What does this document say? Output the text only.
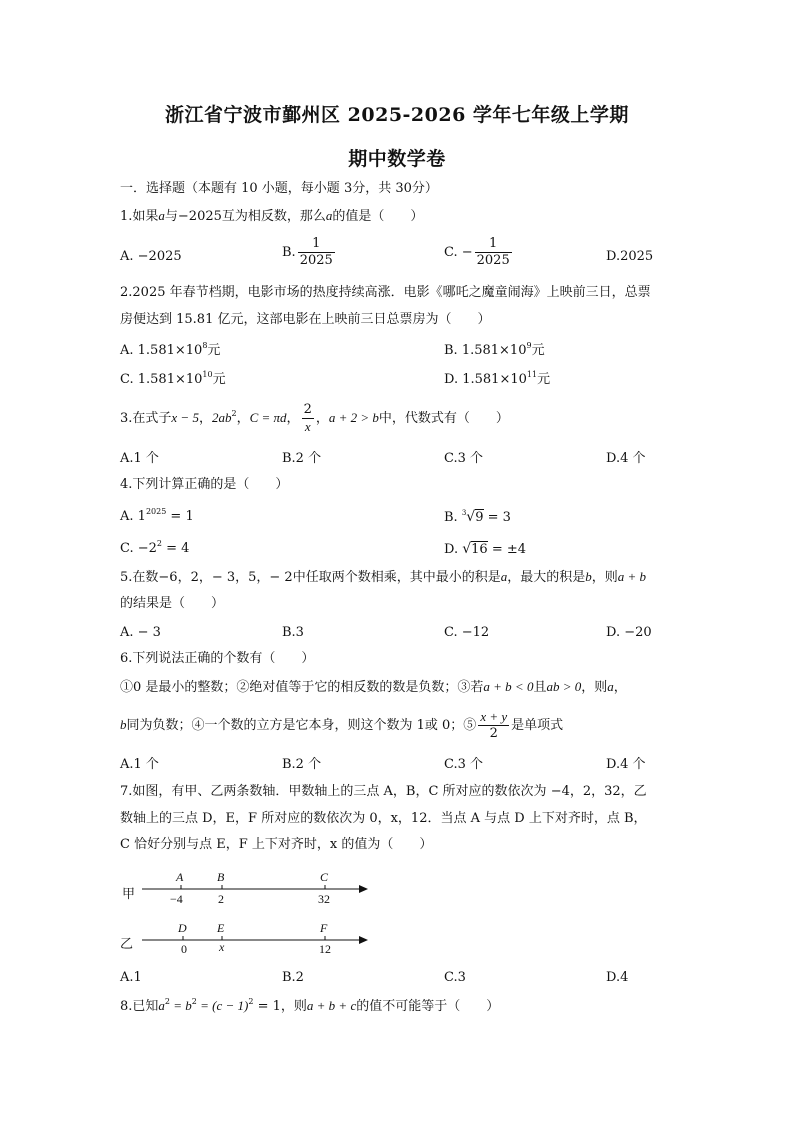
浙江省宁波市鄞州区 2025-2026 学年七年级上学期
期中数学卷
一．选择题（本题有 10 小题，每小题 3分，共 30分）
1.如果a与−2025互为相反数，那么a的值是（　　）
A. −2025	B. $\frac{1}{2025}$	C. − $\frac{1}{2025}$	D.2025
2.2025 年春节档期，电影市场的热度持续高涨．电影《哪吒之魔童闹海》上映前三日，总票
房便达到 15.81 亿元，这部电影在上映前三日总票房为（　　）
A. $1.581\times 10^8$元	B. $1.581\times 10^9$元
C. $1.581\times 10^{10}$元	D. $1.581\times 10^{11}$元
3.在式子x − 5，$2ab^2$，C = πd， $\frac{2}{x}$ ，a + 2 > b中，代数式有（　　）
A.1 个	B.2 个	C.3 个	D.4 个
4.下列计算正确的是（　　）
A. $1^{2025} = 1$	B. $^3$√9 = 3
C. $-2^2 = 4$	D. √16 = ±4
5.在数−6，2，− 3，5，− 2中任取两个数相乘，其中最小的积是a，最大的积是b，则a + b
的结果是（　　）
A. − 3	B.3	C. −12	D. −20
6.下列说法正确的个数有（　　）
①0 是最小的整数；②绝对值等于它的相反数的数是负数；③若a + b < 0且ab > 0，则a，
b同为负数；④一个数的立方是它本身，则这个数为 1或 0；⑤ $\frac{x + y}{2}$ 是单项式
A.1 个	B.2 个	C.3 个	D.4 个
7.如图，有甲、乙两条数轴．甲数轴上的三点 A，B，C 所对应的数依次为 −4，2，32，乙
数轴上的三点 D，E，F 所对应的数依次为 0，x，12．当点 A 与点 D 上下对齐时，点 B，
C 恰好分别与点 E，F 上下对齐时，x 的值为（　　）
甲
A	B	C
−4	2	32
乙
D	E	F
0	x	12
A.1	B.2	C.3	D.4
8.已知$a^2 = b^2 = (c - 1)^2 = 1$，则a + b + c的值不可能等于（　　）
